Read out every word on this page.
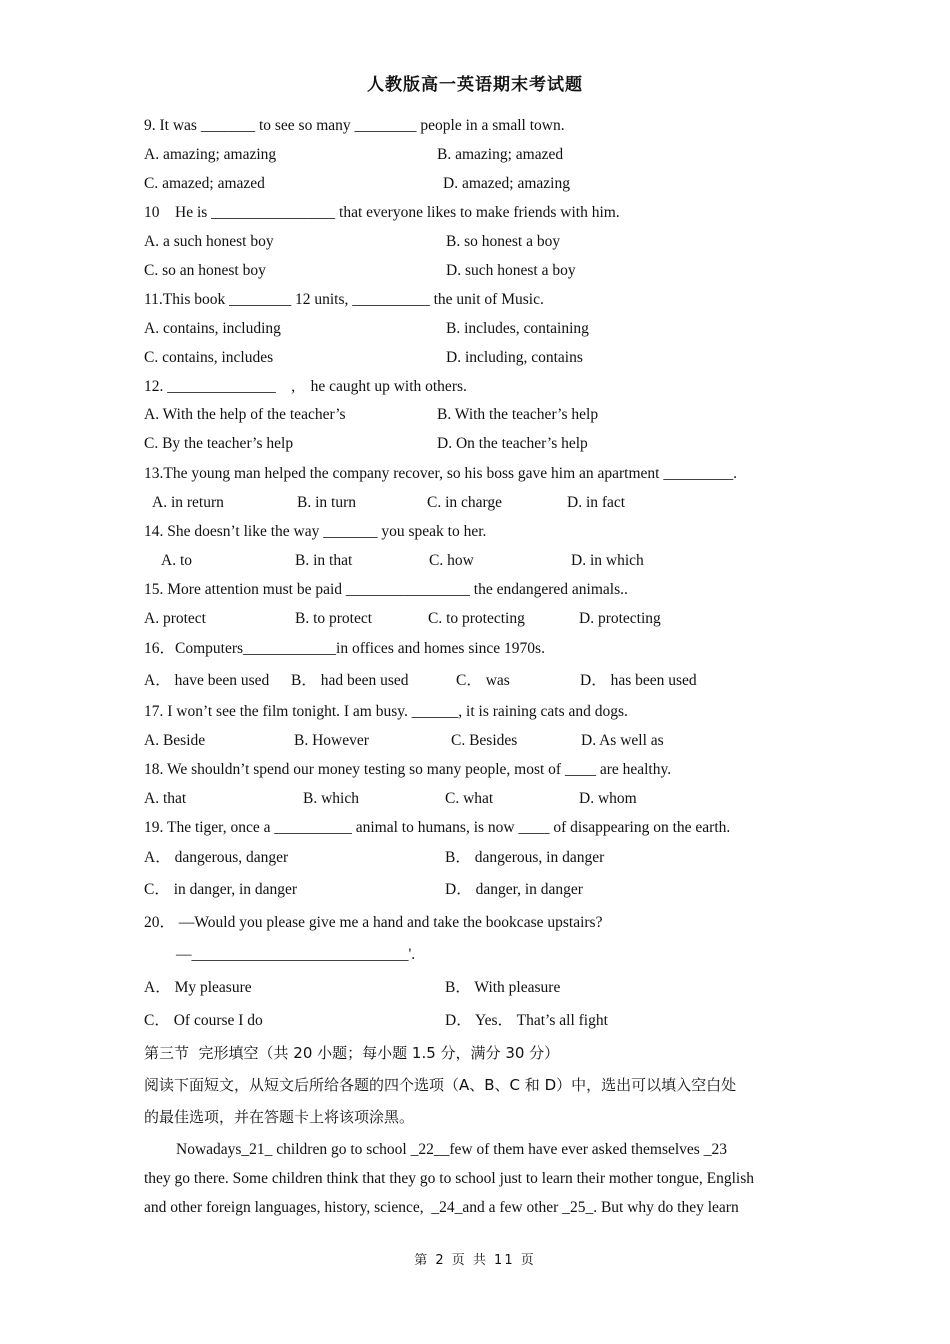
人教版高一英语期末考试题
9. It was _______ to see so many ________ people in a small town.
A. amazing; amazing	B. amazing; amazed
C. amazed; amazed	D. amazed; amazing
10    He is ________________ that everyone likes to make friends with him.
A. a such honest boy	B. so honest a boy
C. so an honest boy	D. such honest a boy
11.This book ________ 12 units, __________ the unit of Music.
A. contains, including	B. includes, containing
C. contains, includes	D. including, contains
12. ______________    ,    he caught up with others.
A. With the help of the teacher’s	B. With the teacher’s help
C. By the teacher’s help	D. On the teacher’s help
13.The young man helped the company recover, so his boss gave him an apartment _________.
A. in return	B. in turn	C. in charge	D. in fact
14. She doesn’t like the way _______ you speak to her.
A. to	B. in that	C. how	D. in which
15. More attention must be paid ________________ the endangered animals..
A. protect	B. to protect	C. to protecting	D. protecting
16．Computers____________in offices and homes since 1970s.
A． have been used B． had been used	C． was	D． has been used
17. I won’t see the film tonight. I am busy. ______, it is raining cats and dogs.
A. Beside	B. However	C. Besides	D. As well as
18. We shouldn’t spend our money testing so many people, most of ____ are healthy.
A. that	B. which	C. what	D. whom
19. The tiger, once a __________ animal to humans, is now ____ of disappearing on the earth.
A． dangerous, danger	B． dangerous, in danger
C． in danger, in danger	D． danger, in danger
20． —Would you please give me a hand and take the bookcase upstairs?
—____________________________'.
A． My pleasure	B． With pleasure
C． Of course I do	D． Yes． That’s all fight
第三节  完形填空（共 20 小题；每小题 1.5 分，满分 30 分）
阅读下面短文，从短文后所给各题的四个选项（A、B、C 和 D）中，选出可以填入空白处
的最佳选项，并在答题卡上将该项涂黑。
Nowadays_21_ children go to school _22__few of them have ever asked themselves _23
they go there. Some children think that they go to school just to learn their mother tongue, English
and other foreign languages, history, science,  _24_and a few other _25_. But why do they learn
第 2 页 共 11 页
